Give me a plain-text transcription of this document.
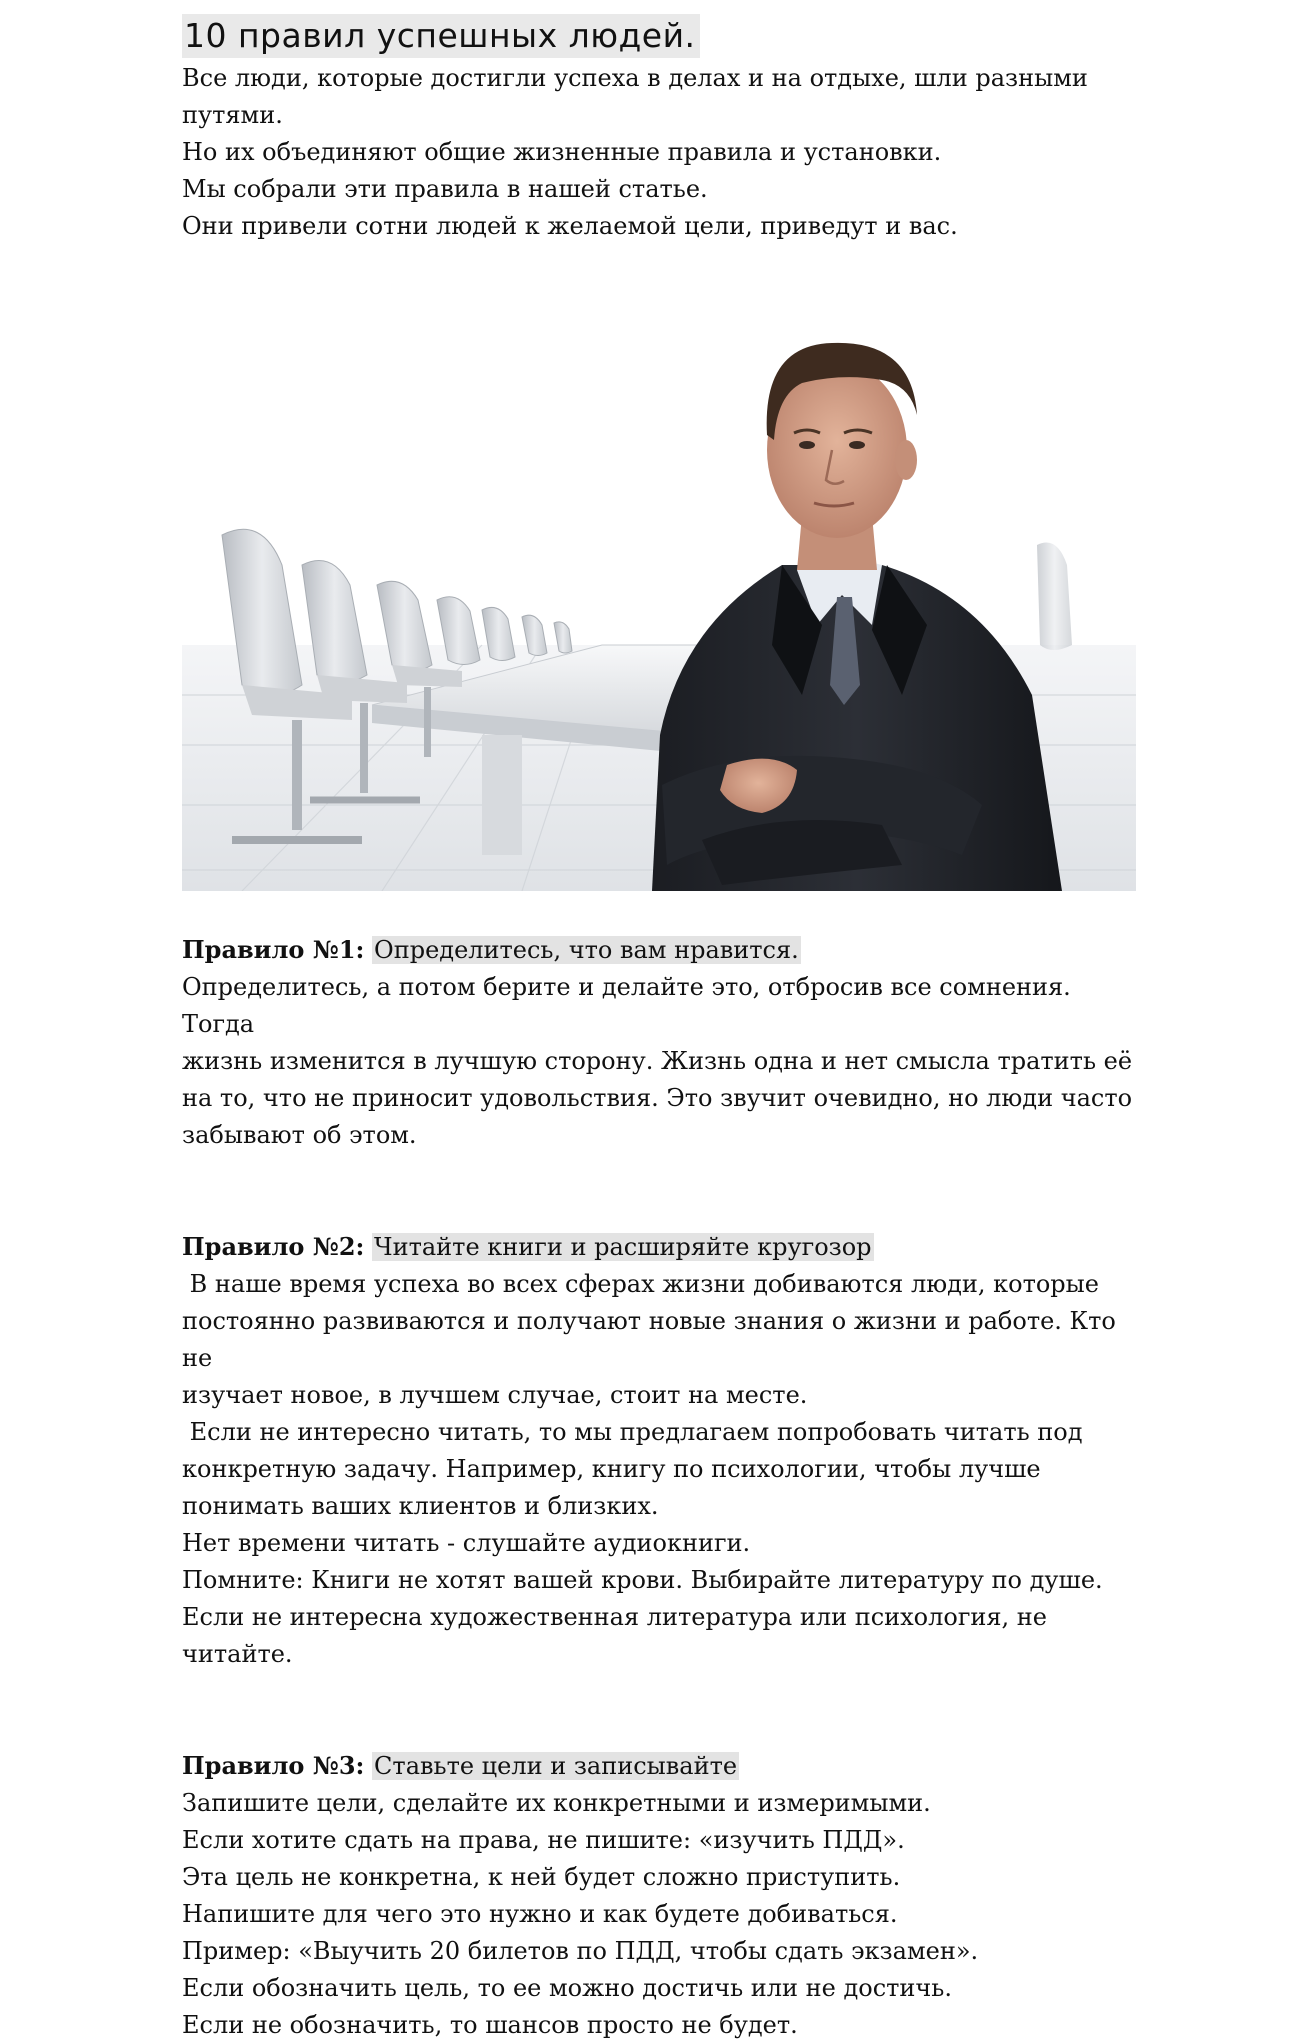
10 правил успешных людей.

Все люди, которые достигли успеха в делах и на отдыхе, шли разными

путями.

Но их объединяют общие жизненные правила и установки.

Мы собрали эти правила в нашей статье.

Они привели сотни людей к желаемой цели, приведут и вас.

Правило №1: Определитесь, что вам нравится.

Определитесь, а потом берите и делайте это, отбросив все сомнения.  Тогда

жизнь изменится в лучшую сторону. Жизнь одна и нет смысла тратить её

на то, что не приносит удовольствия. Это звучит очевидно, но люди часто

забывают об этом.

Правило №2: Читайте книги и расширяйте кругозор

В наше время успеха во всех сферах жизни добиваются люди, которые

постоянно развиваются и получают новые знания о жизни и работе. Кто не

изучает новое, в лучшем случае, стоит на месте.

Если не интересно читать, то мы предлагаем попробовать читать под

конкретную задачу. Например, книгу по психологии, чтобы лучше

понимать ваших клиентов и близких.

Нет времени читать - слушайте аудиокниги.

Помните: Книги не хотят вашей крови. Выбирайте литературу по душе.

Если не интересна художественная литература или психология, не читайте.

Правило №3: Ставьте цели и записывайте

Запишите цели, сделайте их конкретными и измеримыми.

Если хотите сдать на права, не пишите: «изучить ПДД».

Эта цель не конкретна, к ней будет сложно приступить.

Напишите для чего это нужно и как будете добиваться.

Пример: «Выучить 20 билетов по ПДД, чтобы сдать экзамен».

Если обозначить цель, то ее можно достичь или не достичь.

Если не обозначить, то шансов просто не будет.
